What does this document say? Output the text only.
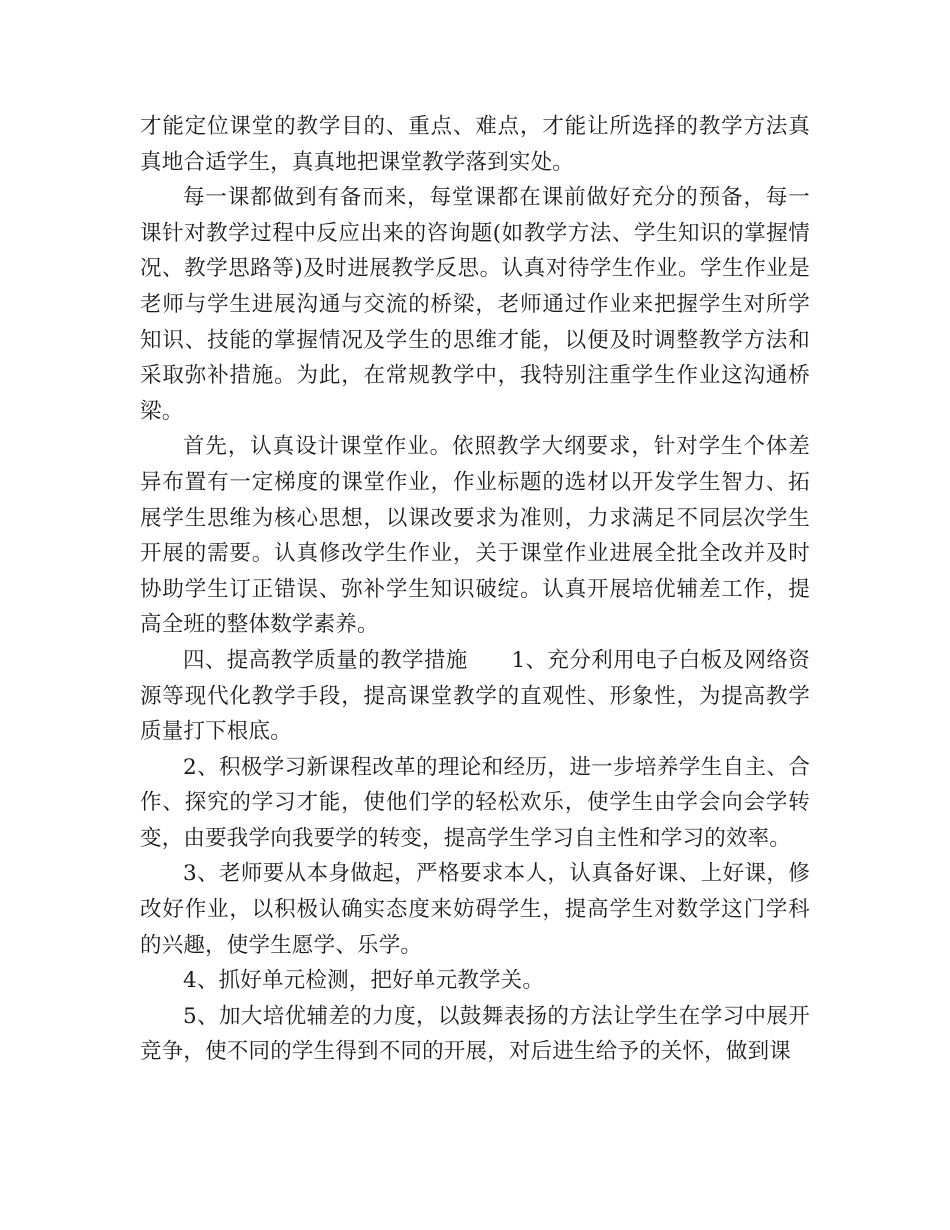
才能定位课堂的教学目的、重点、难点，才能让所选择的教学方法真真地合适学生，真真地把课堂教学落到实处。

每一课都做到有备而来，每堂课都在课前做好充分的预备，每一课针对教学过程中反应出来的咨询题(如教学方法、学生知识的掌握情况、教学思路等)及时进展教学反思。认真对待学生作业。学生作业是老师与学生进展沟通与交流的桥梁，老师通过作业来把握学生对所学知识、技能的掌握情况及学生的思维才能，以便及时调整教学方法和采取弥补措施。为此，在常规教学中，我特别注重学生作业这沟通桥梁。

首先，认真设计课堂作业。依照教学大纲要求，针对学生个体差异布置有一定梯度的课堂作业，作业标题的选材以开发学生智力、拓展学生思维为核心思想，以课改要求为准则，力求满足不同层次学生开展的需要。认真修改学生作业，关于课堂作业进展全批全改并及时协助学生订正错误、弥补学生知识破绽。认真开展培优辅差工作，提高全班的整体数学素养。

四、提高教学质量的教学措施　　1、充分利用电子白板及网络资源等现代化教学手段，提高课堂教学的直观性、形象性，为提高教学质量打下根底。

2、积极学习新课程改革的理论和经历，进一步培养学生自主、合作、探究的学习才能，使他们学的轻松欢乐，使学生由学会向会学转变，由要我学向我要学的转变，提高学生学习自主性和学习的效率。

3、老师要从本身做起，严格要求本人，认真备好课、上好课，修改好作业，以积极认确实态度来妨碍学生，提高学生对数学这门学科的兴趣，使学生愿学、乐学。

4、抓好单元检测，把好单元教学关。

5、加大培优辅差的力度，以鼓舞表扬的方法让学生在学习中展开竞争，使不同的学生得到不同的开展，对后进生给予的关怀，做到课
